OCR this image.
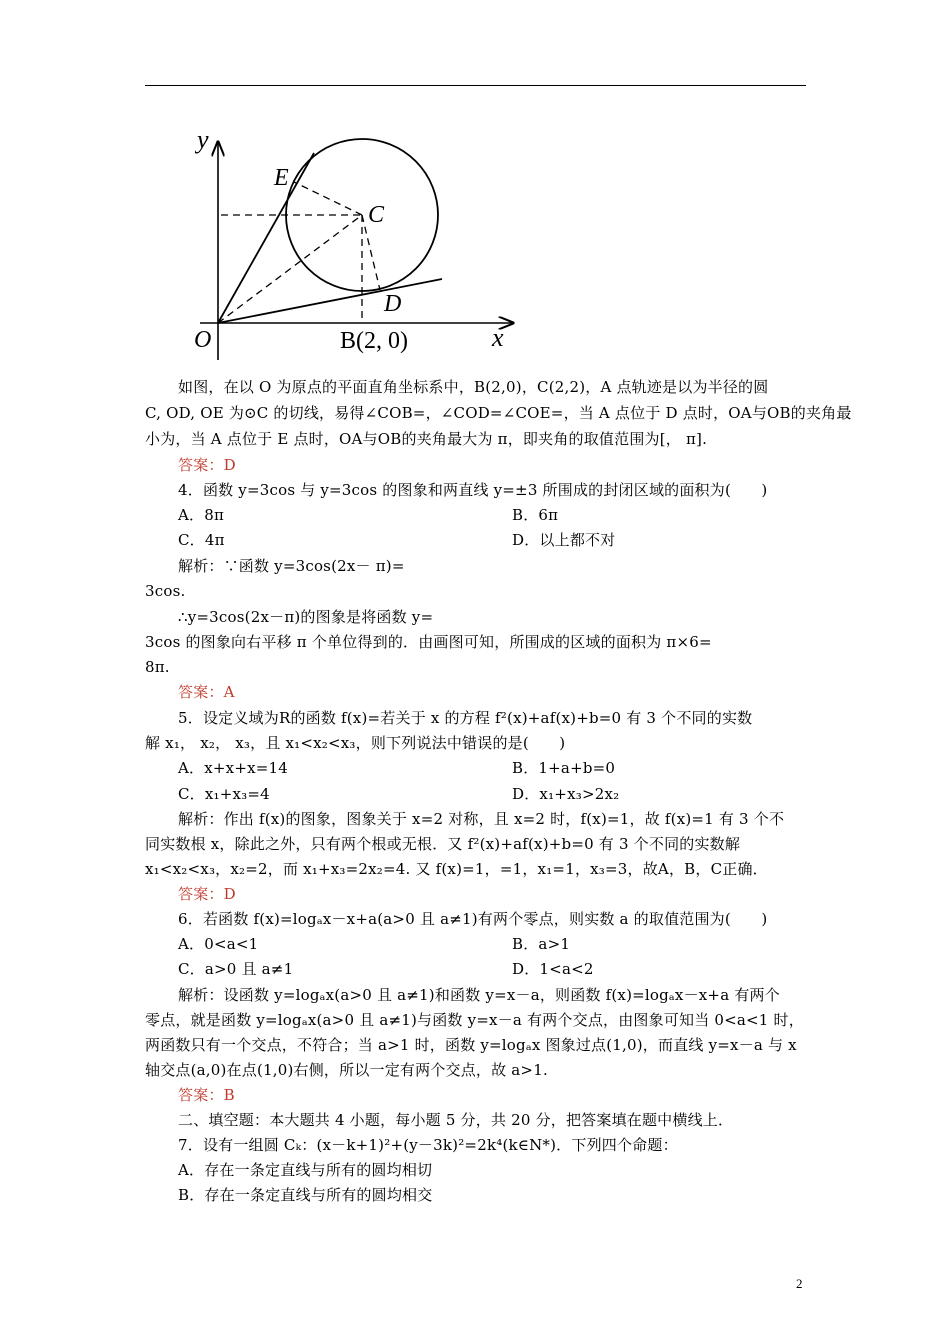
y
x
O
E
C
D
B(2, 0)
如图，在以 O 为原点的平面直角坐标系中，B(2,0)，C(2,2)，A 点轨迹是以为半径的圆
C, OD, OE 为⊙C 的切线，易得∠COB=，∠COD=∠COE=，当 A 点位于 D 点时，OA与OB的夹角最
小为，当 A 点位于 E 点时，OA与OB的夹角最大为 π，即夹角的取值范围为[， π].
答案：D
4．函数 y=3cos 与 y=3cos 的图象和两直线 y=±3 所围成的封闭区域的面积为(　　)
A．8π	B．6π
C．4π	D．以上都不对
解析：∵函数 y=3cos(2x－ π)=
3cos.
∴y=3cos(2x－π)的图象是将函数 y=
3cos 的图象向右平移 π 个单位得到的．由画图可知，所围成的区域的面积为 π×6=
8π.
答案：A
5．设定义域为R的函数 f(x)=若关于 x 的方程 f²(x)+af(x)+b=0 有 3 个不同的实数
解 x₁， x₂， x₃，且 x₁<x₂<x₃，则下列说法中错误的是(　　)
A．x+x+x=14	B．1+a+b=0
C．x₁+x₃=4	D．x₁+x₃>2x₂
解析：作出 f(x)的图象，图象关于 x=2 对称，且 x=2 时，f(x)=1，故 f(x)=1 有 3 个不
同实数根 x，除此之外，只有两个根或无根．又 f²(x)+af(x)+b=0 有 3 个不同的实数解
x₁<x₂<x₃，x₂=2，而 x₁+x₃=2x₂=4. 又 f(x)=1，=1，x₁=1，x₃=3，故A，B，C正确．
答案：D
6．若函数 f(x)=logₐx－x+a(a>0 且 a≠1)有两个零点，则实数 a 的取值范围为(　　)
A．0<a<1	B．a>1
C．a>0 且 a≠1	D．1<a<2
解析：设函数 y=logₐx(a>0 且 a≠1)和函数 y=x－a，则函数 f(x)=logₐx－x+a 有两个
零点，就是函数 y=logₐx(a>0 且 a≠1)与函数 y=x－a 有两个交点，由图象可知当 0<a<1 时，
两函数只有一个交点，不符合；当 a>1 时，函数 y=logₐx 图象过点(1,0)，而直线 y=x－a 与 x
轴交点(a,0)在点(1,0)右侧，所以一定有两个交点，故 a>1.
答案：B
二、填空题：本大题共 4 小题，每小题 5 分，共 20 分，把答案填在题中横线上．
7．设有一组圆 Cₖ：(x－k+1)²+(y－3k)²=2k⁴(k∈N*)．下列四个命题：
A．存在一条定直线与所有的圆均相切
B．存在一条定直线与所有的圆均相交
2
